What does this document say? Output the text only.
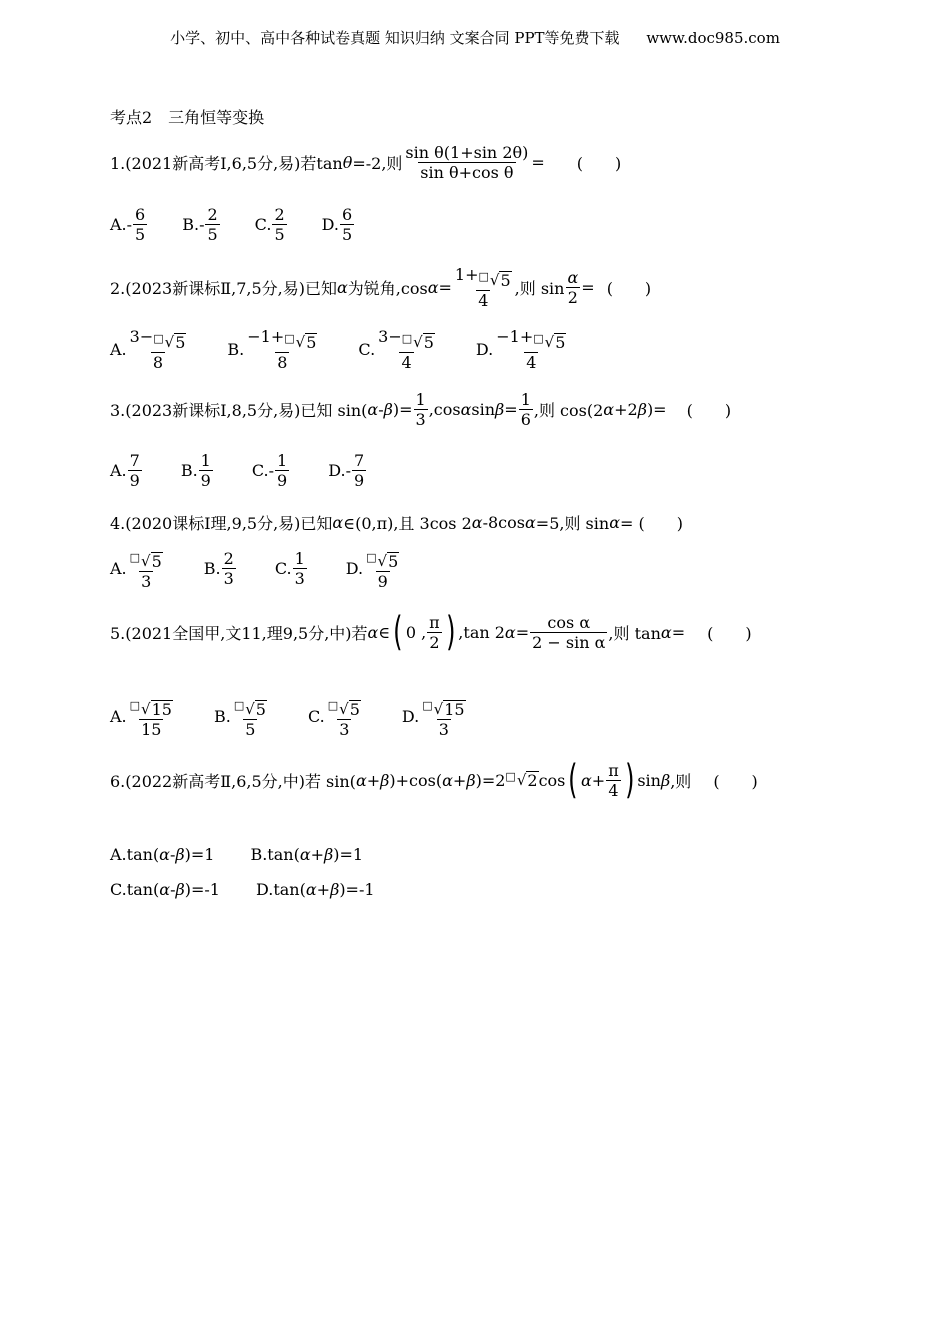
小学、初中、高中各种试卷真题 知识归纳 文案合同 PPT等免费下载 www.doc985.com
考点2　三角恒等变换
1.(2021新高考Ⅰ,6,5分,易)若tan θ =-2,则 $\frac{\text{sin θ(1+sin 2θ)}}{\text{sin θ+cos θ}}$ = (　　)
$A.- \frac{6}{5} B.- \frac{2}{5} C$. $\frac{2}{5} D$. $\frac{6}{5}$
2.(2023新课标Ⅱ,7,5分,易)已知 α 为锐角,cos $\alpha = \frac{1+ □ √ 5}{4}$ ,则 $\sin \frac{\alpha}{2}$ = (　　)
A. $\frac{3- □ √ 5}{8} B$. $\frac{-1+ □ √ 5}{8} C$. $\frac{3- □ √ 5}{4} D$. $\frac{-1+ □ √ 5}{4}$
3.(2023新课标Ⅰ,8,5分,易)已知 sin( α - β )= $\frac{1}{3} ,\cos$ α $\sin \beta = \frac{1}{6}$ ,则 cos(2 α +2 β )= (　　)
A. $\frac{7}{9} B$. $\frac{1}{9} C.- \frac{1}{9} D.- \frac{7}{9}$
4.(2020课标Ⅰ理,9,5分,易)已知 α ∈(0,π),且 3cos 2 α -8cos α =5,则 sin α = (　　)
A. $\frac{□ √ 5}{3} B$. $\frac{2}{3} C$. $\frac{1}{3} D$. $\frac{□ √ 5}{9}$
5.(2021全国甲,文11,理9,5分,中)若 α ∈ ( 0 , $\frac{\pi}{2}$ ) ,tan 2 $\alpha = \frac{\text{cos α}}{\text{2 − sin α}}$ ,则 tan α = (　　)
A. $\frac{□ √ 15}{15} B$. $\frac{□ √ 5}{5} C$. $\frac{□ √ 5}{3} D$. $\frac{□ √ 15}{3}$
6.(2022新高考Ⅱ,6,5分,中)若 sin( α + β )+cos( α + β )=2 □ √ 2 cos ( $\alpha + \frac{\pi}{4}$ ) sin β ,则 (　　)
A.tan( α - β )=1 B.tan( α + β )=1
C.tan( α - β )=-1 D.tan( α + β )=-1
